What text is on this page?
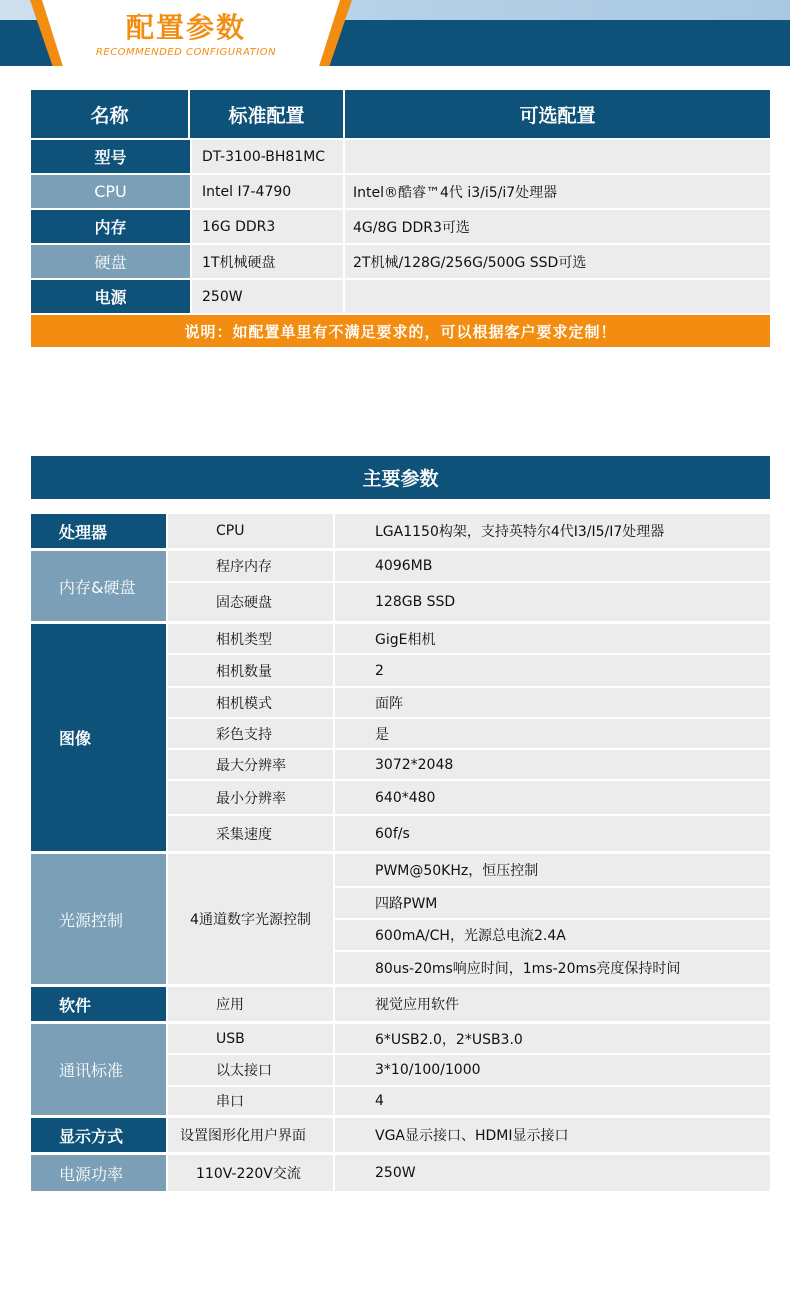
配置参数
RECOMMENDED CONFIGURATION
名称	标准配置	可选配置
型号	DT-3100-BH81MC
CPU	Intel I7-4790	Intel®酷睿™4代 i3/i5/i7处理器
内存	16G DDR3	4G/8G DDR3可选
硬盘	1T机械硬盘	2T机械/128G/256G/500G SSD可选
电源	250W
说明：如配置单里有不满足要求的，可以根据客户要求定制！
主要参数
处理器	CPU	LGA1150构架，支持英特尔4代I3/I5/I7处理器
内存&硬盘
程序内存	4096MB
固态硬盘	128GB SSD
图像
相机类型	GigE相机
相机数量	2
相机模式	面阵
彩色支持	是
最大分辨率	3072*2048
最小分辨率	640*480
采集速度	60f/s
光源控制	4通道数字光源控制
PWM@50KHz，恒压控制
四路PWM
600mA/CH，光源总电流2.4A
80us-20ms响应时间，1ms-20ms亮度保持时间
软件	应用	视觉应用软件
通讯标准
USB	6*USB2.0，2*USB3.0
以太接口	3*10/100/1000
串口	4
显示方式	设置图形化用户界面	VGA显示接口、HDMI显示接口
电源功率	110V-220V交流	250W
